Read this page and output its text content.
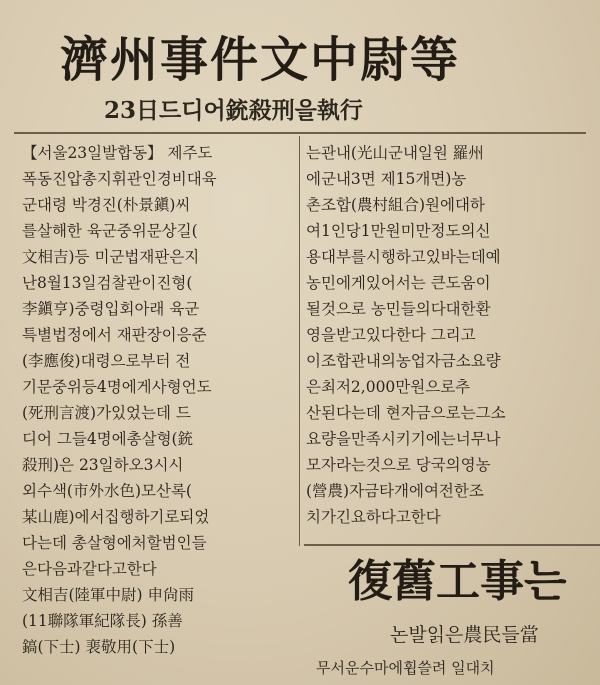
濟州事件文中尉等
23日드디어銃殺刑을執行
【서울23일발합동】 제주도
폭동진압총지휘관인경비대육
군대령 박경진(朴景鎭)씨
를살해한 육군중위문상길(
文相吉)등 미군법재판은지
난8월13일검찰관이진형(
李鎭亨)중령입회아래 육군
특별법정에서 재판장이응준
(李應俊)대령으로부터 전
기문중위등4명에게사형언도
(死刑言渡)가있었는데 드
디어 그들4명에총살형(銃
殺刑)은 23일하오3시시
외수색(市外水色)모산록(
某山鹿)에서집행하기로되었
다는데 총살형에처할범인들
은다음과같다고한다
文相吉(陸軍中尉) 申尙雨
(11聯隊軍紀隊長) 孫善
鎬(下士) 裵敬用(下士)
는관내(光山군내일원 羅州
에군내3면 제15개면)농
촌조합(農村組合)원에대하
여1인당1만원미만정도의신
용대부를시행하고있바는데예
농민에게있어서는 큰도움이
될것으로 농민들의다대한환
영을받고있다한다 그리고
이조합관내의농업자금소요량
은최저2,000만원으로추
산된다는데 현자금으로는그소
요량을만족시키기에는너무나
모자라는것으로 당국의영농
(營農)자금타개에여전한조
치가긴요하다고한다
復舊工事는
논발읽은農民들當
무서운수마에휩쓸려 일대치
